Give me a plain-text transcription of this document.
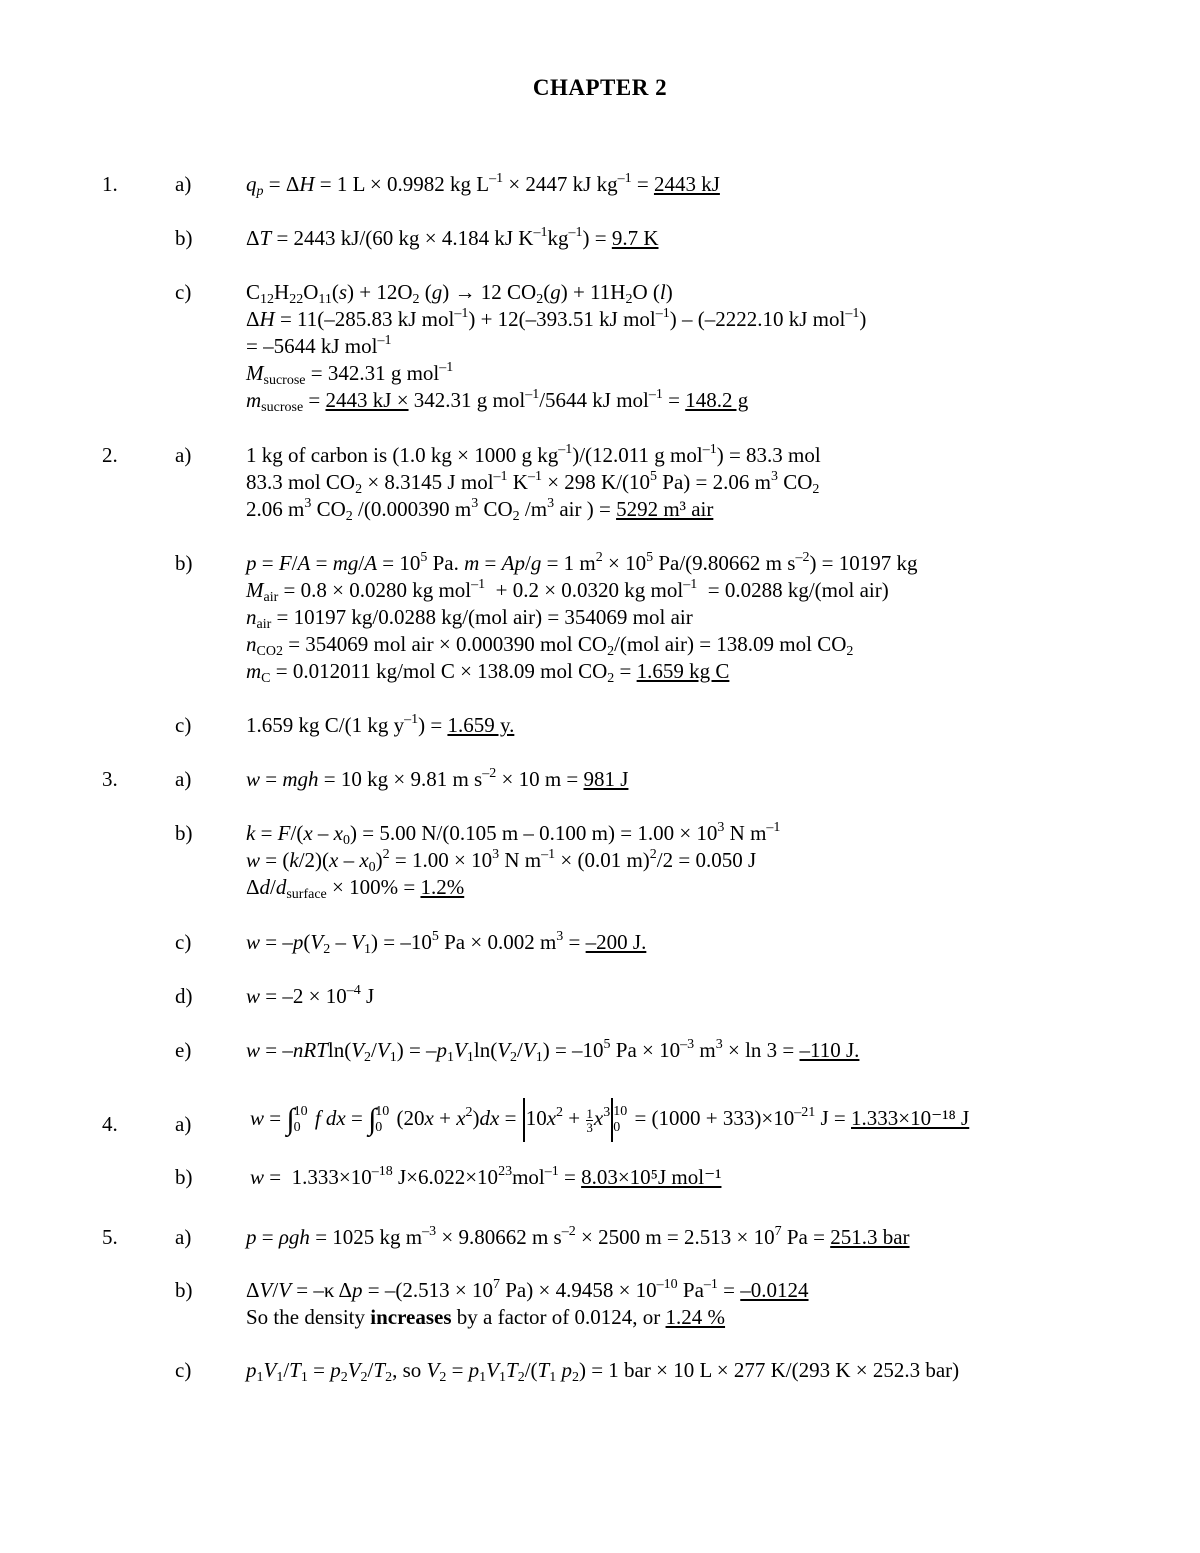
CHAPTER 2
1.	a)	$q_p = \Delta H = 1$ L × 0.9982 kg $L^{-1} \times 2447$ kJ $kg^{-1} = 2443$ kJ
b)	ΔT = 2443 kJ/(60 kg × 4.184 kJ $K^{-1}kg^{-1}) = 9.7$ K
c)	$C_{12}H_{22}O_{11}(s) + 12O_2$ (g) → 12 $CO_2(g) + 11H_2O$ (l)
ΔH = 11(–285.83 kJ mol$^{-1}$) + 12(–393.51 kJ mol$^{-1}$) – (–2222.10 kJ mol$^{-1}$)
= –5644 kJ mol$^{-1}$
$M_{sucrose} = 342.31$ g mol$^{-1}$
$m_{sucrose} = 2443$ kJ × 342.31 g mol$^{-1}$/5644 kJ mol$^{-1}$ = 148.2 g
2.	a)	1 kg of carbon is (1.0 kg × 1000 g $kg^{-1})/(12.011$ g mol$^{-1}$) = 83.3 mol
83.3 mol $CO_2 \times 8.3145$ J mol$^{-1}$ $K^{-1} \times 298$ $K/(10^5$ Pa) = 2.06 $m^3$ $CO_2$
2.06 $m^3$ $CO_2$ /(0.000390 $m^3$ $CO_2$ $/m^3$ air ) = 5292 m³ air
b)	$p = F/A = mg/A = 10^5$ Pa. m = Ap/g = 1 $m^2 \times 10^5$ Pa/(9.80662 m $s^{-2}) = 10197$ kg
$M_{air} = 0.8 \times 0.0280$ kg mol$^{-1}$  + 0.2 × 0.0320 kg mol$^{-1}$  = 0.0288 kg/(mol air)
$n_{air} = 10197$ kg/0.0288 kg/(mol air) = 354069 mol air
$n_{CO2} = 354069$ mol air × 0.000390 mol $CO_2/(mol$ air) = 138.09 mol $CO_2$
$m_C = 0.012011$ kg/mol C × 138.09 mol $CO_2 = 1.659$ kg C
c)	1.659 kg C/(1 kg $y^{-1}) = 1.659$ y.
3.	a)	w = mgh = 10 kg × 9.81 m $s^{-2} \times 10$ m = 981 J
b)	$k = F/(x - x_0) = 5.00$ N/(0.105 m – 0.100 $m) = 1.00 \times 10^3$ N $m^{-1}$
$w = (k/2)(x - x_0)^2 = 1.00 \times 10^3$ N $m^{-1} \times (0.01$ m)$^2$/2 = 0.050 J
$\Delta d/d_{surface} \times 100\% = 1.2\%$
c)	$w = -p(V_2 - V_1) = -10^5$ Pa × 0.002 $m^3 = -200$ J.
d)	$w = -2 \times 10^{-4}$ J
e)	$w = -nRTln(V_2/V_1) = -p_1V_1\ln(V_2/V_1) = -10^5$ $Pa \times 10^{-3}$ $m^3 \times \ln 3 = -110$ J.
4.	a)	w = ∫ 10
0 f dx = ∫ 10
0 $(20x + x^2)dx = 10x^2 + \frac{1}{3} x^3$ 10
$0 = (1000 + 333)\times 10^{-21}$ J = 1.333×10⁻¹⁸ J
b)	$w = 1.333\times 10^{-18}$ $J\times 6.022\times 10^{23}mol^{-1} = 8.03\times 10^5J$ mol⁻¹
5.	a)	p = ρgh = 1025 kg $m^{-3} \times 9.80662$ m $s^{-2} \times 2500$ $m = 2.513 \times 10^7$ Pa = 251.3 bar
b)	ΔV/V = –κ $\Delta p = -(2.513 \times 10^7$ $Pa) \times 4.9458 \times 10^{-10}$ $Pa^{-1} = -0.0124$
So the density increases by a factor of 0.0124, or 1.24 %
c)	$p_1V_1/T_1 = p_2V_2/T_2$, so $V_2 = p_1V_1T_2/(T_1$ $p_2) = 1$ bar × 10 L × 277 K/(293 K × 252.3 bar)
